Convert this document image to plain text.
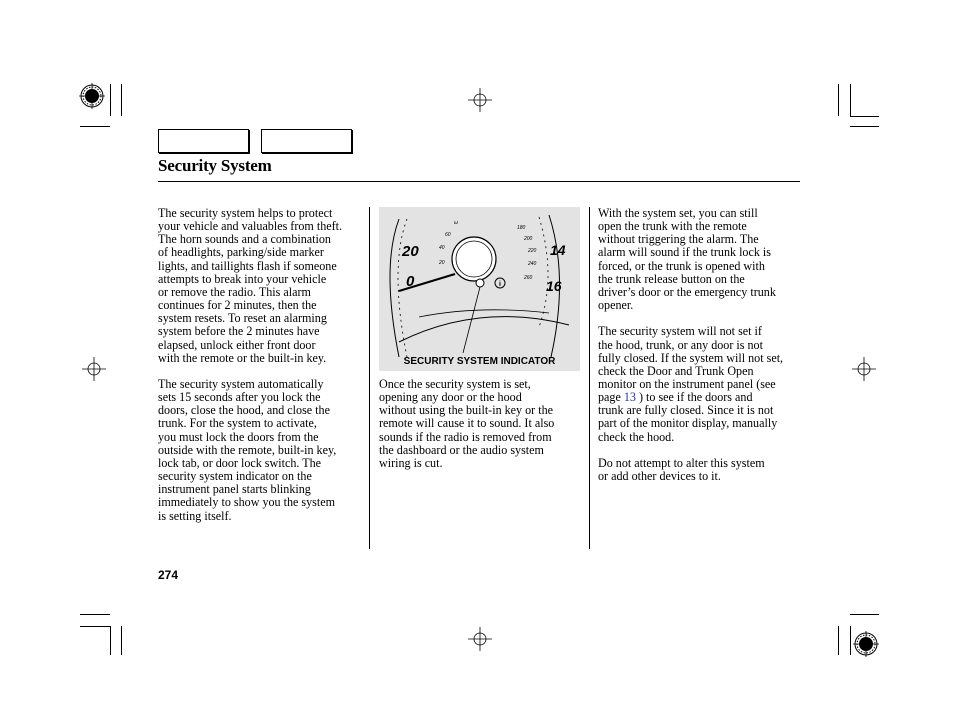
Security System

The security system helps to protect
your vehicle and valuables from theft.
The horn sounds and a combination
of headlights, parking/side marker
lights, and taillights flash if someone
attempts to break into your vehicle
or remove the radio. This alarm
continues for 2 minutes, then the
system resets. To reset an alarming
system before the 2 minutes have
elapsed, unlock either front door
with the remote or the built-in key.

The security system automatically
sets 15 seconds after you lock the
doors, close the hood, and close the
trunk. For the system to activate,
you must lock the doors from the
outside with the remote, built-in key,
lock tab, or door lock switch. The
security system indicator on the
instrument panel starts blinking
immediately to show you the system
is setting itself.

i
20
0
14
16
ω
60
40
20
180
200
220
240
260
SECURITY SYSTEM INDICATOR

Once the security system is set,
opening any door or the hood
without using the built-in key or the
remote will cause it to sound. It also
sounds if the radio is removed from
the dashboard or the audio system
wiring is cut.

With the system set, you can still
open the trunk with the remote
without triggering the alarm. The
alarm will sound if the trunk lock is
forced, or the trunk is opened with
the trunk release button on the
driver’s door or the emergency trunk
opener.

The security system will not set if
the hood, trunk, or any door is not
fully closed. If the system will not set,
check the Door and Trunk Open
monitor on the instrument panel (see
page 13 ) to see if the doors and
trunk are fully closed. Since it is not
part of the monitor display, manually
check the hood.

Do not attempt to alter this system
or add other devices to it.

274
